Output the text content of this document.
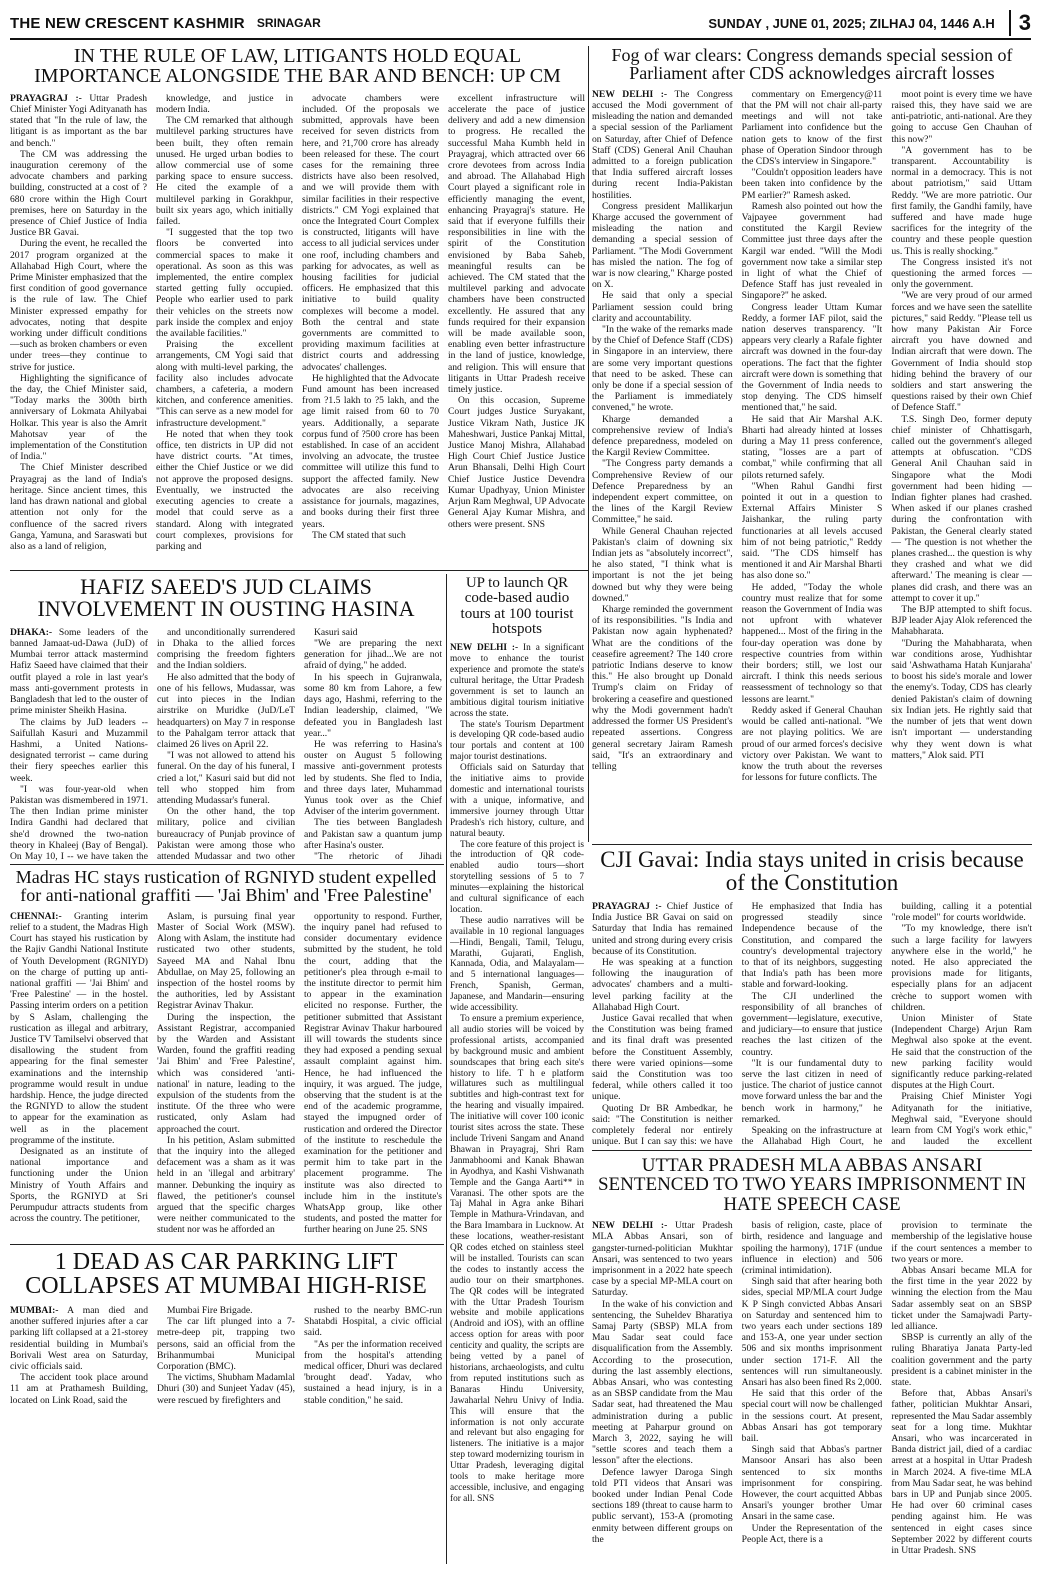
THE NEW CRESCENT KASHMIR SRINAGAR	SUNDAY , JUNE 01, 2025; ZILHAJ 04, 1446 A.H	3
IN THE RULE OF LAW, LITIGANTS HOLD EQUAL IMPORTANCE ALONGSIDE THE BAR AND BENCH: UP CM

PRAYAGRAJ :- Uttar Pradesh Chief Minister Yogi Adityanath has stated that "In the rule of law, the litigant is as important as the bar and bench."

The CM was addressing the inauguration ceremony of the advocate chambers and parking building, constructed at a cost of ?680 crore within the High Court premises, here on Saturday in the presence of Chief Justice of India Justice BR Gavai.

During the event, he recalled the 2017 program organized at the Allahabad High Court, where the Prime Minister emphasized that the first condition of good governance is the rule of law. The Chief Minister expressed empathy for advocates, noting that despite working under difficult conditions—such as broken chambers or even under trees—they continue to strive for justice.

Highlighting the significance of the day, the Chief Minister said, "Today marks the 300th birth anniversary of Lokmata Ahilyabai Holkar. This year is also the Amrit Mahotsav year of the implementation of the Constitution of India."

The Chief Minister described Prayagraj as the land of India's heritage. Since ancient times, this land has drawn national and global attention not only for the confluence of the sacred rivers Ganga, Yamuna, and Saraswati but also as a land of religion,

knowledge, and justice in modern India.

The CM remarked that although multilevel parking structures have been built, they often remain unused. He urged urban bodies to allow commercial use of some parking space to ensure success. He cited the example of a multilevel parking in Gorakhpur, built six years ago, which initially failed.

"I suggested that the top two floors be converted into commercial spaces to make it operational. As soon as this was implemented, the entire complex started getting fully occupied. People who earlier used to park their vehicles on the streets now park inside the complex and enjoy the available facilities."

Praising the excellent arrangements, CM Yogi said that along with multi-level parking, the facility also includes advocate chambers, a cafeteria, a modern kitchen, and conference amenities. "This can serve as a new model for infrastructure development."

He noted that when they took office, ten districts in UP did not have district courts. "At times, either the Chief Justice or we did not approve the proposed designs. Eventually, we instructed the executing agencies to create a model that could serve as a standard. Along with integrated court complexes, provisions for parking and

advocate chambers were included. Of the proposals we submitted, approvals have been received for seven districts from here, and ?1,700 crore has already been released for these. The court cases for the remaining three districts have also been resolved, and we will provide them with similar facilities in their respective districts." CM Yogi explained that once the Integrated Court Complex is constructed, litigants will have access to all judicial services under one roof, including chambers and parking for advocates, as well as housing facilities for judicial officers. He emphasized that this initiative to build quality complexes will become a model. Both the central and state governments are committed to providing maximum facilities at district courts and addressing advocates' challenges.

He highlighted that the Advocate Fund amount has been increased from ?1.5 lakh to ?5 lakh, and the age limit raised from 60 to 70 years. Additionally, a separate corpus fund of ?500 crore has been established. In case of an accident involving an advocate, the trustee committee will utilize this fund to support the affected family. New advocates are also receiving assistance for journals, magazines, and books during their first three years.

The CM stated that such

excellent infrastructure will accelerate the pace of justice delivery and add a new dimension to progress. He recalled the successful Maha Kumbh held in Prayagraj, which attracted over 66 crore devotees from across India and abroad. The Allahabad High Court played a significant role in efficiently managing the event, enhancing Prayagraj's stature. He said that if everyone fulfills their responsibilities in line with the spirit of the Constitution envisioned by Baba Saheb, meaningful results can be achieved. The CM stated that the multilevel parking and advocate chambers have been constructed excellently. He assured that any funds required for their expansion will be made available soon, enabling even better infrastructure in the land of justice, knowledge, and religion. This will ensure that litigants in Uttar Pradesh receive timely justice.

On this occasion, Supreme Court judges Justice Suryakant, Justice Vikram Nath, Justice JK Maheshwari, Justice Pankaj Mittal, Justice Manoj Mishra, Allahabad High Court Chief Justice Justice Arun Bhansali, Delhi High Court Chief Justice Justice Devendra Kumar Upadhyay, Union Minister Arjun Ram Meghwal, UP Advocate General Ajay Kumar Mishra, and others were present. SNS

Fog of war clears: Congress demands special session of Parliament after CDS acknowledges aircraft losses

NEW DELHI :- The Congress accused the Modi government of misleading the nation and demanded a special session of the Parliament on Saturday, after Chief of Defence Staff (CDS) General Anil Chauhan admitted to a foreign publication that India suffered aircraft losses during recent India-Pakistan hostilities.

Congress president Mallikarjun Kharge accused the government of misleading the nation and demanding a special session of Parliament. "The Modi Government has misled the nation. The fog of war is now clearing," Kharge posted on X.

He said that only a special Parliament session could bring clarity and accountability.

"In the wake of the remarks made by the Chief of Defence Staff (CDS) in Singapore in an interview, there are some very important questions that need to be asked. These can only be done if a special session of the Parliament is immediately convened," he wrote.

Kharge demanded a comprehensive review of India's defence preparedness, modeled on the Kargil Review Committee.

"The Congress party demands a Comprehensive Review of our Defence Preparedness by an independent expert committee, on the lines of the Kargil Review Committee," he said.

While General Chauhan rejected Pakistan's claim of downing six Indian jets as "absolutely incorrect", he also stated, "I think what is important is not the jet being downed but why they were being downed."

Kharge reminded the government of its responsibilities. "Is India and Pakistan now again hyphenated? What are the conditions of the ceasefire agreement? The 140 crore patriotic Indians deserve to know this." He also brought up Donald Trump's claim on Friday of brokering a ceasefire and questioned why the Modi government hadn't addressed the former US President's repeated assertions. Congress general secretary Jairam Ramesh said, "It's an extraordinary and telling

commentary on Emergency@11 that the PM will not chair all-party meetings and will not take Parliament into confidence but the nation gets to know of the first phase of Operation Sindoor through the CDS's interview in Singapore."

"Couldn't opposition leaders have been taken into confidence by the PM earlier?" Ramesh asked.

Ramesh also pointed out how the Vajpayee government had constituted the Kargil Review Committee just three days after the Kargil war ended. "Will the Modi government now take a similar step in light of what the Chief of Defence Staff has just revealed in Singapore?" he asked.

Congress leader Uttam Kumar Reddy, a former IAF pilot, said the nation deserves transparency. "It appears very clearly a Rafale fighter aircraft was downed in the four-day operations. The fact that the fighter aircraft were down is something that the Government of India needs to stop denying. The CDS himself mentioned that," he said.

He said that Air Marshal A.K. Bharti had already hinted at losses during a May 11 press conference, stating, "losses are a part of combat," while confirming that all pilots returned safely.

"When Rahul Gandhi first pointed it out in a question to External Affairs Minister S Jaishankar, the ruling party functionaries at all levels accused him of not being patriotic," Reddy said. "The CDS himself has mentioned it and Air Marshal Bharti has also done so."

He added, "Today the whole country must realize that for some reason the Government of India was not upfront with whatever happened... Most of the firing in the four-day operation was done by respective countries from within their borders; still, we lost our aircraft. I think this needs serious reassessment of technology so that lessons are learnt."

Reddy asked if General Chauhan would be called anti-national. "We are not playing politics. We are proud of our armed forces's decisive victory over Pakistan. We want to know the truth about the reverses for lessons for future conflicts. The

moot point is every time we have raised this, they have said we are anti-patriotic, anti-national. Are they going to accuse Gen Chauhan of this now?"

"A government has to be transparent. Accountability is normal in a democracy. This is not about patriotism," said Uttam Reddy. "We are more patriotic. Our first family, the Gandhi family, have suffered and have made huge sacrifices for the integrity of the country and these people question us. This is really shocking."

The Congress insisted it's not questioning the armed forces — only the government.

"We are very proud of our armed forces and we have seen the satellite pictures," said Reddy. "Please tell us how many Pakistan Air Force aircraft you have downed and Indian aircraft that were down. The Government of India should stop hiding behind the bravery of our soldiers and start answering the questions raised by their own Chief of Defence Staff."

T.S. Singh Deo, former deputy chief minister of Chhattisgarh, called out the government's alleged attempts at obfuscation. "CDS General Anil Chauhan said in Singapore what the Modi government had been hiding — Indian fighter planes had crashed. When asked if our planes crashed during the confrontation with Pakistan, the General clearly stated — 'The question is not whether the planes crashed... the question is why they crashed and what we did afterward.' The meaning is clear — planes did crash, and there was an attempt to cover it up."

The BJP attempted to shift focus. BJP leader Ajay Alok referenced the Mahabharata.

"During the Mahabharata, when war conditions arose, Yudhishtar said 'Ashwathama Hatah Kunjaraha' to boost his side's morale and lower the enemy's. Today, CDS has clearly denied Pakistan's claim of downing six Indian jets. He rightly said that the number of jets that went down isn't important — understanding why they went down is what matters," Alok said. PTI

HAFIZ SAEED'S JUD CLAIMS INVOLVEMENT IN OUSTING HASINA

DHAKA:- Some leaders of the banned Jamaat-ud-Dawa (JuD) of Mumbai terror attack mastermind Hafiz Saeed have claimed that their outfit played a role in last year's mass anti-government protests in Bangladesh that led to the ouster of prime minister Sheikh Hasina.

The claims by JuD leaders -- Saifullah Kasuri and Muzammil Hashmi, a United Nations-designated terrorist -- came during their fiery speeches earlier this week.

"I was four-year-old when Pakistan was dismembered in 1971. The then Indian prime minister Indira Gandhi had declared that she'd drowned the two-nation theory in Khaleej (Bay of Bengal). On May 10, I -- we have taken the

and unconditionally surrendered in Dhaka to the allied forces comprising the freedom fighters and the Indian soldiers.

He also admitted that the body of one of his fellows, Mudassar, was cut into pieces in the Indian airstrike on Muridke (JuD/LeT headquarters) on May 7 in response to the Pahalgam terror attack that claimed 26 lives on April 22.

"I was not allowed to attend his funeral. On the day of his funeral, I cried a lot," Kasuri said but did not tell who stopped him from attending Mudassar's funeral.

On the other hand, the top military, police and civilian bureaucracy of Punjab province of Pakistan were among those who attended Mudassar and two other

Kasuri said

"We are preparing the next generation for jihad...We are not afraid of dying," he added.

In his speech in Gujranwala, some 80 km from Lahore, a few days ago, Hashmi, referring to the Indian leadership, claimed, "We defeated you in Bangladesh last year..."

He was referring to Hasina's ouster on August 5 following massive anti-government protests led by students. She fled to India, and three days later, Muhammad Yunus took over as the Chief Adviser of the interim government.

The ties between Bangladesh and Pakistan saw a quantum jump after Hasina's ouster.

"The rhetoric of Jihadi

UP to launch QR code-based audio tours at 100 tourist hotspots

NEW DELHI :- In a significant move to enhance the tourist experience and promote the state's cultural heritage, the Uttar Pradesh government is set to launch an ambitious digital tourism initiative across the state.

The state's Tourism Department is developing QR code-based audio tour portals and content at 100 major tourist destinations.

Officials said on Saturday that the initiative aims to provide domestic and international tourists with a unique, informative, and immersive journey through Uttar Pradesh's rich history, culture, and natural beauty.

The core feature of this project is the introduction of QR code-enabled audio tours—short storytelling sessions of 5 to 7 minutes—explaining the historical and cultural significance of each location.

These audio narratives will be available in 10 regional languages—Hindi, Bengali, Tamil, Telugu, Marathi, Gujarati, English, Kannada, Odia, and Malayalam—and 5 international languages—French, Spanish, German, Japanese, and Mandarin—ensuring wide accessibility.

To ensure a premium experience, all audio stories will be voiced by professional artists, accompanied by background music and ambient soundscapes that bring each site's history to life. T h e platform willatures such as multilingual subtitles and high-contrast text for the hearing and visually impaired. The initiative will cover 100 iconic tourist sites across the state. These include Triveni Sangam and Anand Bhawan in Prayagraj, Shri Ram Janmabhoomi and Kanak Bhawan in Ayodhya, and Kashi Vishwanath Temple and the Ganga Aarti** in Varanasi. The other spots are the Taj Mahal in Agra anke Bihari Temple in Mathura-Vrindavan, and the Bara Imambara in Lucknow. At these locations, weather-resistant QR codes etched on stainless steel will be installed. Tourists can scan the codes to instantly access the audio tour on their smartphones. The QR codes will be integrated with the Uttar Pradesh Tourism website and mobile applications (Android and iOS), with an offline access option for areas with poor centicity and quality, the scripts are being vetted by a panel of historians, archaeologists, and cultu from reputed institutions such as Banaras Hindu University, Jawaharlal Nehru Univy of India. This will ensure that the information is not only accurate and relevant but also engaging for listeners. The initiative is a major step toward modernizing tourism in Uttar Pradesh, leveraging digital tools to make heritage more accessible, inclusive, and engaging for all. SNS

CJI Gavai: India stays united in crisis because of the Constitution

PRAYAGRAJ :- Chief Justice of India Justice BR Gavai on said on Saturday that India has remained united and strong during every crisis because of its Constitution.

He was speaking at a function following the inauguration of advocates' chambers and a multi-level parking facility at the Allahabad High Court.

Justice Gavai recalled that when the Constitution was being framed and its final draft was presented before the Constituent Assembly, there were varied opinions—some said the Constitution was too federal, while others called it too unique.

Quoting Dr BR Ambedkar, he said: "The Constitution is neither completely federal nor entirely unique. But I can say this: we have

He emphasized that India has progressed steadily since Independence because of the Constitution, and compared the country's developmental trajectory to that of its neighbors, suggesting that India's path has been more stable and forward-looking.

The CJI underlined the responsibility of all branches of government—legislature, executive, and judiciary—to ensure that justice reaches the last citizen of the country.

"It is our fundamental duty to serve the last citizen in need of justice. The chariot of justice cannot move forward unless the bar and the bench work in harmony," he remarked.

Speaking on the infrastructure at the Allahabad High Court, he

building, calling it a potential "role model" for courts worldwide.

"To my knowledge, there isn't such a large facility for lawyers anywhere else in the world," he noted. He also appreciated the provisions made for litigants, especially plans for an adjacent crèche to support women with children.

Union Minister of State (Independent Charge) Arjun Ram Meghwal also spoke at the event. He said that the construction of the new parking facility would significantly reduce parking-related disputes at the High Court.

Praising Chief Minister Yogi Adityanath for the initiative, Meghwal said, "Everyone should learn from CM Yogi's work ethic," and lauded the excellent

Madras HC stays rustication of RGNIYD student expelled for anti-national graffiti — 'Jai Bhim' and 'Free Palestine'

CHENNAI:- Granting interim relief to a student, the Madras High Court has stayed his rustication by the Rajiv Gandhi National Institute of Youth Development (RGNIYD) on the charge of putting up anti-national graffiti — 'Jai Bhim' and 'Free Palestine' — in the hostel. Passing interim orders on a petition by S Aslam, challenging the rustication as illegal and arbitrary, Justice TV Tamilselvi observed that disallowing the student from appearing for the final semester examinations and the internship programme would result in undue hardship. Hence, the judge directed the RGNIYD to allow the student to appear for the examination as well as in the placement programme of the institute.

Designated as an institute of national importance and functioning under the Union Ministry of Youth Affairs and Sports, the RGNIYD at Sri Perumpudur attracts students from across the country. The petitioner,

Aslam, is pursuing final year Master of Social Work (MSW). Along with Aslam, the institute had rusticated two other students, Sayeed MA and Nahal Ibnu Abdullae, on May 25, following an inspection of the hostel rooms by the authorities, led by Assistant Registrar Avinav Thakur.

During the inspection, the Assistant Registrar, accompanied by the Warden and Assistant Warden, found the graffiti reading 'Jai Bhim' and 'Free Palestine', which was considered 'anti-national' in nature, leading to the expulsion of the students from the institute. Of the three who were rusticated, only Aslam had approached the court.

In his petition, Aslam submitted that the inquiry into the alleged defacement was a sham as it was held in an 'illegal and arbitrary' manner. Debunking the inquiry as flawed, the petitioner's counsel argued that the specific charges were neither communicated to the student nor was he afforded an

opportunity to respond. Further, the inquiry panel had refused to consider documentary evidence submitted by the student, he told the court, adding that the petitioner's plea through e-mail to the institute director to permit him to appear in the examination elicited no response. Further, the petitioner submitted that Assistant Registrar Avinav Thakur harboured ill will towards the students since they had exposed a pending sexual assault complaint against him. Hence, he had influenced the inquiry, it was argued. The judge, observing that the student is at the end of the academic programme, stayed the impugned order of rustication and ordered the Director of the institute to reschedule the examination for the petitioner and permit him to take part in the placement programme. The institute was also directed to include him in the institute's WhatsApp group, like other students, and posted the matter for further hearing on June 25. SNS

UTTAR PRADESH MLA ABBAS ANSARI SENTENCED TO TWO YEARS IMPRISONMENT IN HATE SPEECH CASE

NEW DELHI :- Uttar Pradesh MLA Abbas Ansari, son of gangster-turned-politician Mukhtar Ansari, was sentenced to two years imprisonment in a 2022 hate speech case by a special MP-MLA court on Saturday.

In the wake of his conviction and sentencing, the Suheldev Bharatiya Samaj Party (SBSP) MLA from Mau Sadar seat could face disqualification from the Assembly. According to the prosecution, during the last assembly elections, Abbas Ansari, who was contesting as an SBSP candidate from the Mau Sadar seat, had threatened the Mau administration during a public meeting at Paharpur ground on March 3, 2022, saying he will "settle scores and teach them a lesson" after the elections.

Defence lawyer Daroga Singh told PTI videos that Ansari was booked under Indian Penal Code sections 189 (threat to cause harm to public servant), 153-A (promoting enmity between different groups on the

basis of religion, caste, place of birth, residence and language and spoiling the harmony), 171F (undue influence in election) and 506 (criminal intimidation).

Singh said that after hearing both sides, special MP/MLA court Judge K P Singh convicted Abbas Ansari on Saturday and sentenced him to two years each under sections 189 and 153-A, one year under section 506 and six months imprisonment under section 171-F. All the sentences will run simultaneously. Ansari has also been fined Rs 2,000.

He said that this order of the special court will now be challenged in the sessions court. At present, Abbas Ansari has got temporary bail.

Singh said that Abbas's partner Mansoor Ansari has also been sentenced to six months imprisonment for conspiring. However, the court acquitted Abbas Ansari's younger brother Umar Ansari in the same case.

Under the Representation of the People Act, there is a

provision to terminate the membership of the legislative house if the court sentences a member to two years or more.

Abbas Ansari became MLA for the first time in the year 2022 by winning the election from the Mau Sadar assembly seat on an SBSP ticket under the Samajwadi Party-led alliance.

SBSP is currently an ally of the ruling Bharatiya Janata Party-led coalition government and the party president is a cabinet minister in the state.

Before that, Abbas Ansari's father, politician Mukhtar Ansari, represented the Mau Sadar assembly seat for a long time. Mukhtar Ansari, who was incarcerated in Banda district jail, died of a cardiac arrest at a hospital in Uttar Pradesh in March 2024. A five-time MLA from Mau Sadar seat, he was behind bars in UP and Punjab since 2005. He had over 60 criminal cases pending against him. He was sentenced in eight cases since September 2022 by different courts in Uttar Pradesh. SNS

1 DEAD AS CAR PARKING LIFT COLLAPSES AT MUMBAI HIGH-RISE

MUMBAI:- A man died and another suffered injuries after a car parking lift collapsed at a 21-storey residential building in Mumbai's Borivali West area on Saturday, civic officials said.

The accident took place around 11 am at Prathamesh Building, located on Link Road, said the

Mumbai Fire Brigade.

The car lift plunged into a 7-metre-deep pit, trapping two persons, said an official from the Brihanmumbai Municipal Corporation (BMC).

The victims, Shubham Madamlal Dhuri (30) and Sunjeet Yadav (45), were rescued by firefighters and

rushed to the nearby BMC-run Shatabdi Hospital, a civic official said.

"As per the information received from the hospital's attending medical officer, Dhuri was declared 'brought dead'. Yadav, who sustained a head injury, is in a stable condition," he said.
